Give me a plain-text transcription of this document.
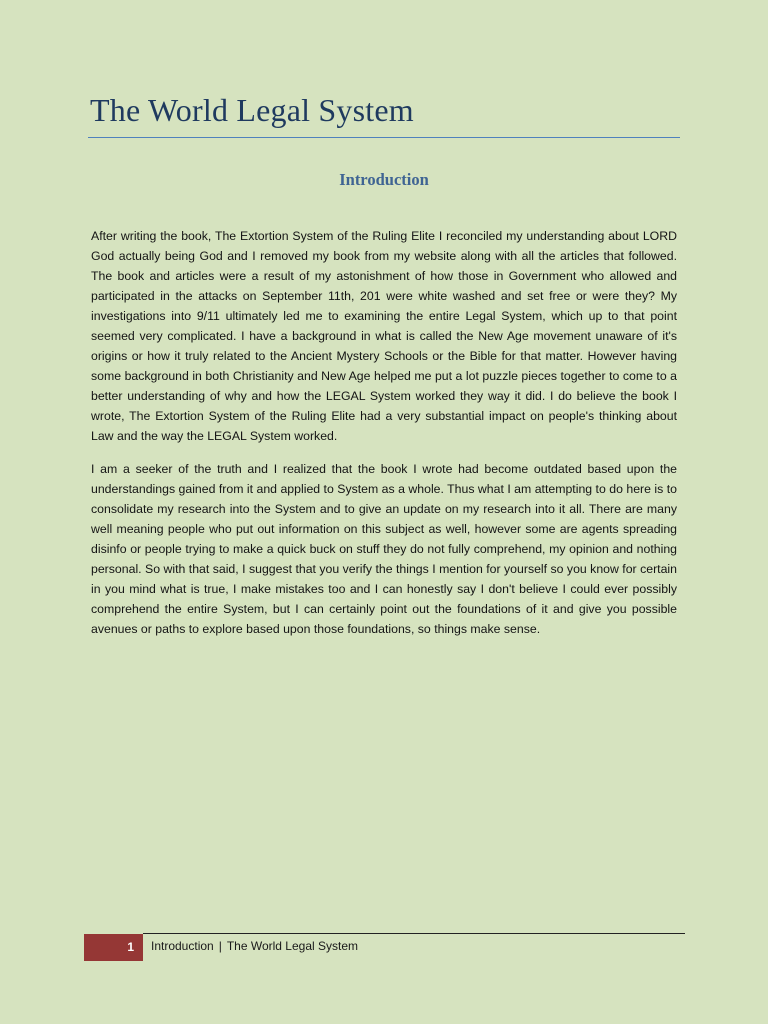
The World Legal System
Introduction

After writing the book, The Extortion System of the Ruling Elite I reconciled my understanding about LORD God actually being God and I removed my book from my website along with all the articles that followed. The book and articles were a result of my astonishment of how those in Government who allowed and participated in the attacks on September 11th, 201 were white washed and set free or were they? My investigations into 9/11 ultimately led me to examining the entire Legal System, which up to that point seemed very complicated. I have a background in what is called the New Age movement unaware of it's origins or how it truly related to the Ancient Mystery Schools or the Bible for that matter. However having some background in both Christianity and New Age helped me put a lot puzzle pieces together to come to a better understanding of why and how the LEGAL System worked they way it did. I do believe the book I wrote, The Extortion System of the Ruling Elite had a very substantial impact on people's thinking about Law and the way the LEGAL System worked.

I am a seeker of the truth and I realized that the book I wrote had become outdated based upon the understandings gained from it and applied to System as a whole. Thus what I am attempting to do here is to consolidate my research into the System and to give an update on my research into it all. There are many well meaning people who put out information on this subject as well, however some are agents spreading disinfo or people trying to make a quick buck on stuff they do not fully comprehend, my opinion and nothing personal. So with that said, I suggest that you verify the things I mention for yourself so you know for certain in you mind what is true, I make mistakes too and I can honestly say I don't believe I could ever possibly comprehend the entire System, but I can certainly point out the foundations of it and give you possible avenues or paths to explore based upon those foundations, so things make sense.

1	Introduction | The World Legal System
